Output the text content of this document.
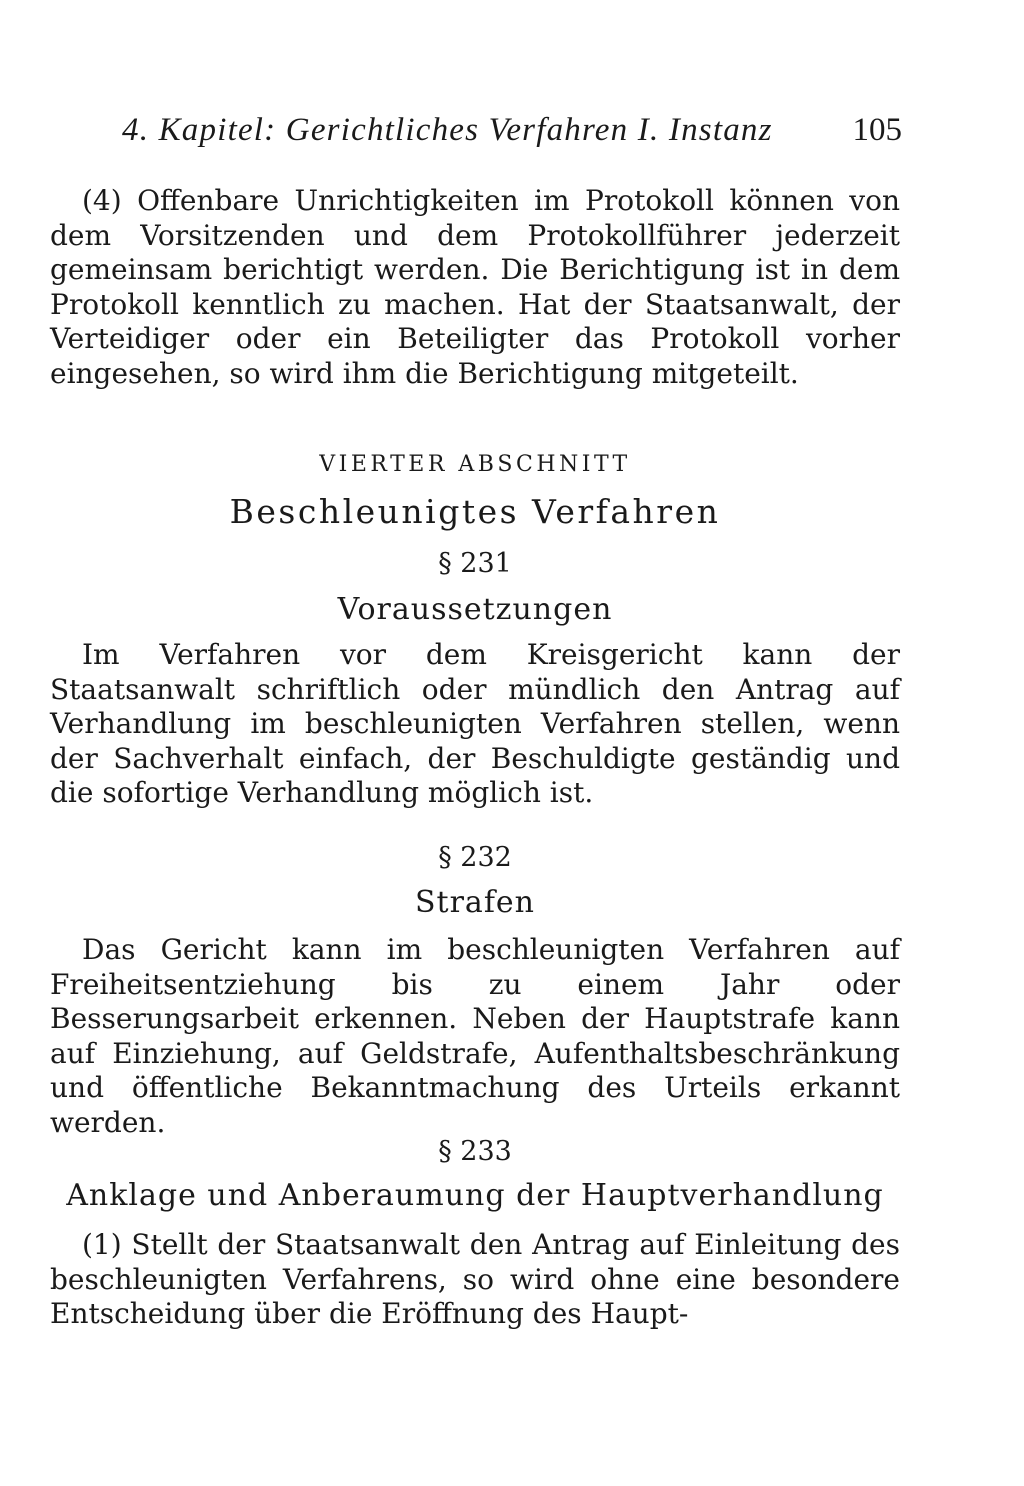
4. Kapitel: Gerichtliches Verfahren I. Instanz 105

(4) Offenbare Unrichtigkeiten im Protokoll können von dem Vorsitzenden und dem Protokollführer jederzeit gemeinsam berichtigt werden. Die Berichtigung ist in dem Protokoll kenntlich zu machen. Hat der Staatsanwalt, der Verteidiger oder ein Beteiligter das Protokoll vorher eingesehen, so wird ihm die Berichtigung mitgeteilt.

VIERTER ABSCHNITT
Beschleunigtes Verfahren
§ 231
Voraussetzungen

Im Verfahren vor dem Kreisgericht kann der Staatsanwalt schriftlich oder mündlich den Antrag auf Verhandlung im beschleunigten Verfahren stellen, wenn der Sachverhalt einfach, der Beschuldigte geständig und die sofortige Verhandlung möglich ist.

§ 232
Strafen

Das Gericht kann im beschleunigten Verfahren auf Freiheitsentziehung bis zu einem Jahr oder Besserungsarbeit erkennen. Neben der Hauptstrafe kann auf Einziehung, auf Geldstrafe, Aufenthaltsbeschränkung und öffentliche Bekanntmachung des Urteils erkannt werden.

§ 233
Anklage und Anberaumung der Hauptverhandlung

(1) Stellt der Staatsanwalt den Antrag auf Einleitung des beschleunigten Verfahrens, so wird ohne eine besondere Entscheidung über die Eröffnung des Haupt-
